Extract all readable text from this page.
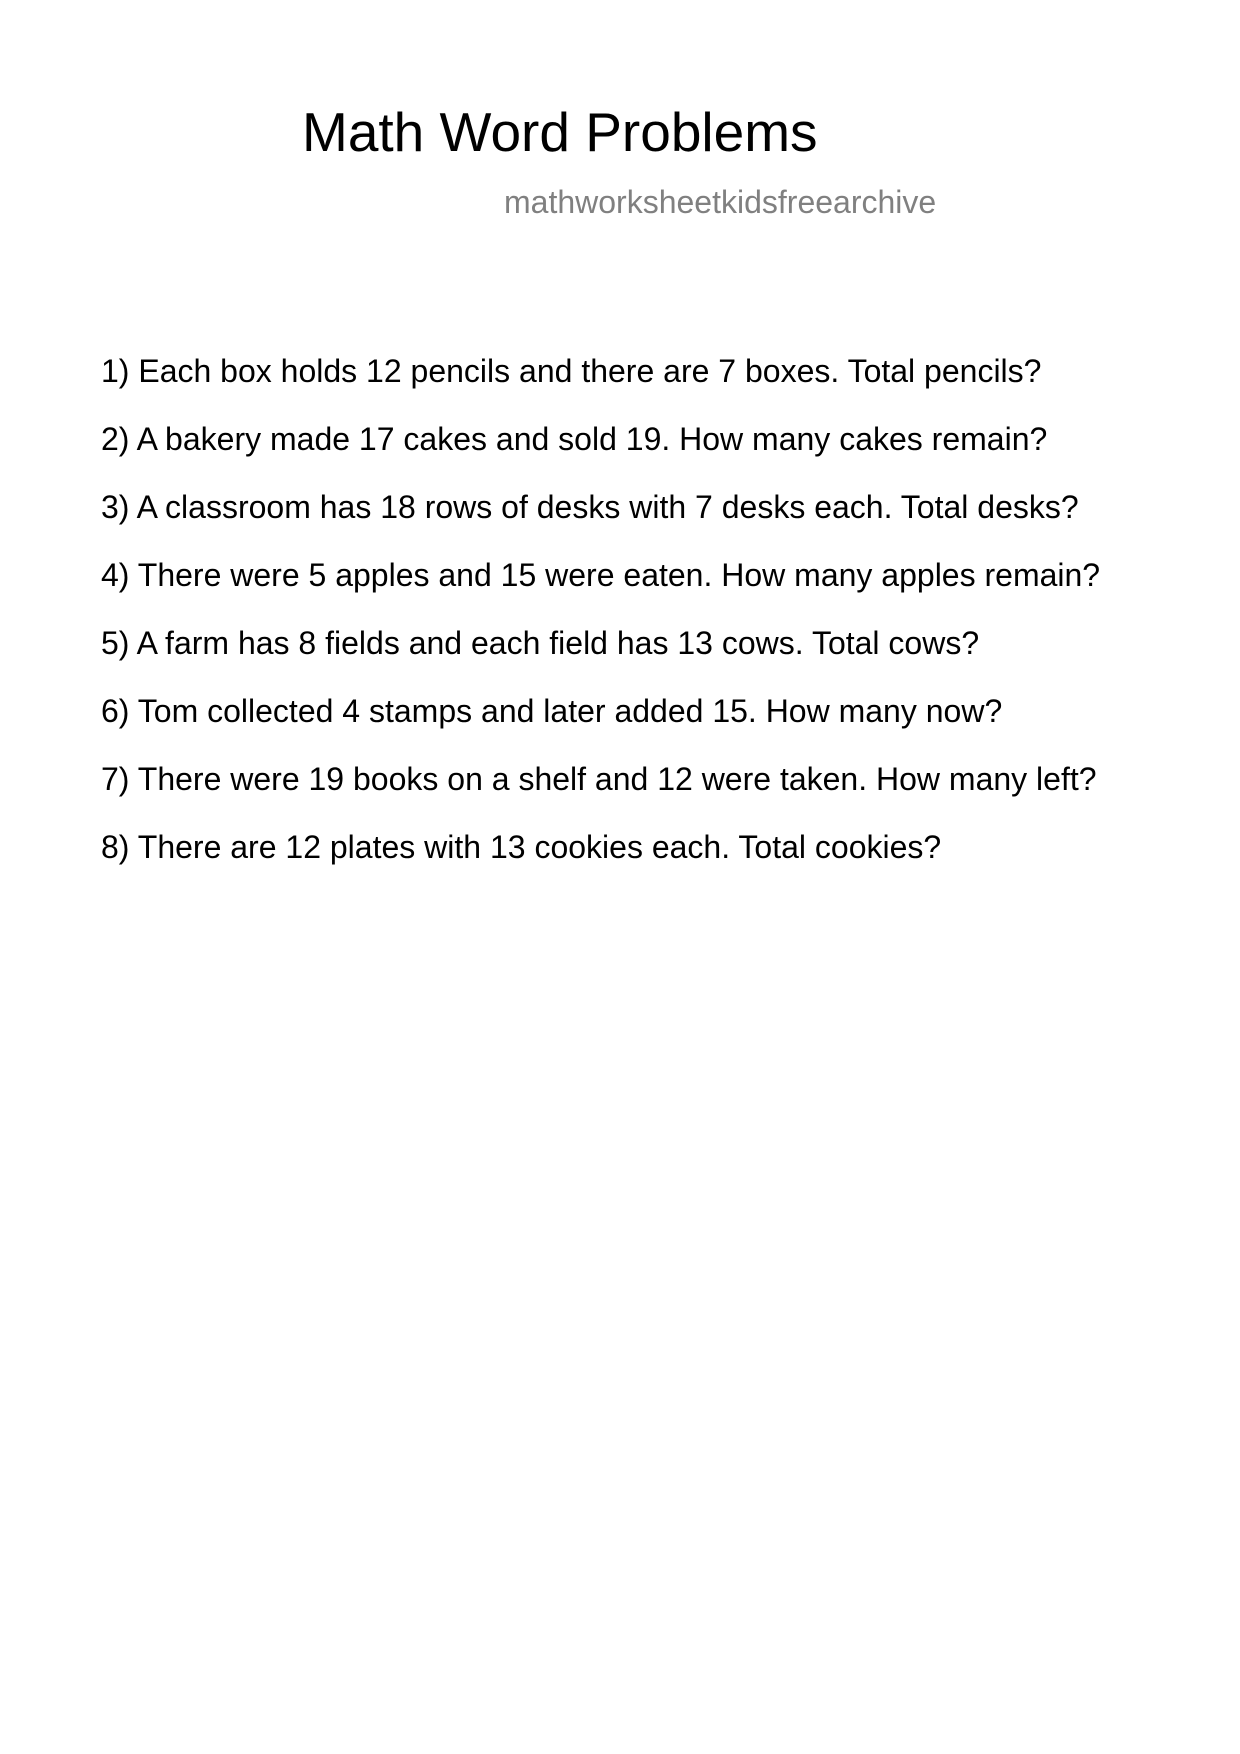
Math Word Problems
mathworksheetkidsfreearchive

1) Each box holds 12 pencils and there are 7 boxes. Total pencils?

2) A bakery made 17 cakes and sold 19. How many cakes remain?

3) A classroom has 18 rows of desks with 7 desks each. Total desks?

4) There were 5 apples and 15 were eaten. How many apples remain?

5) A farm has 8 fields and each field has 13 cows. Total cows?

6) Tom collected 4 stamps and later added 15. How many now?

7) There were 19 books on a shelf and 12 were taken. How many left?

8) There are 12 plates with 13 cookies each. Total cookies?
